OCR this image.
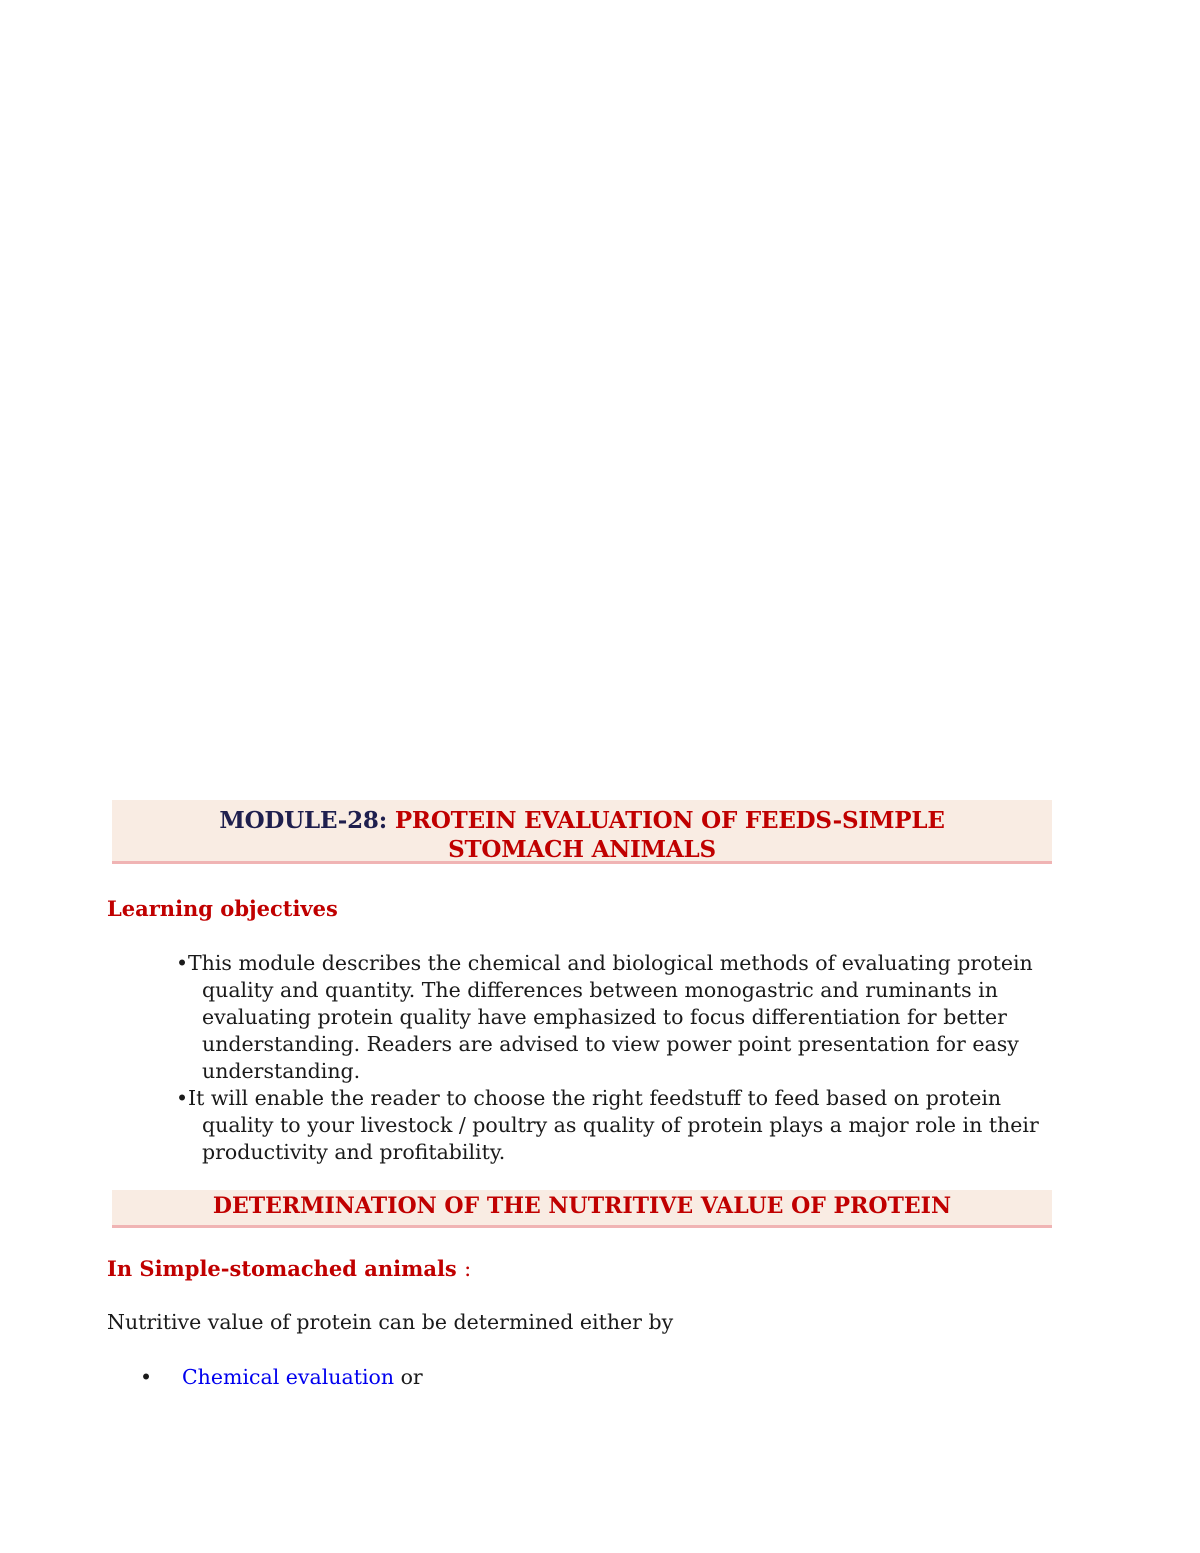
MODULE-28: PROTEIN EVALUATION OF FEEDS-SIMPLE
STOMACH ANIMALS
Learning objectives
•This module describes the chemical and biological methods of evaluating protein quality and quantity. The differences between monogastric and ruminants in evaluating protein quality have emphasized to focus differentiation for better understanding. Readers are advised to view power point presentation for easy understanding.
•It will enable the reader to choose the right feedstuff to feed based on protein quality to your livestock / poultry as quality of protein plays a major role in their productivity and profitability.
DETERMINATION OF THE NUTRITIVE VALUE OF PROTEIN
In Simple-stomached animals :
Nutritive value of protein can be determined either by
• Chemical evaluation or
